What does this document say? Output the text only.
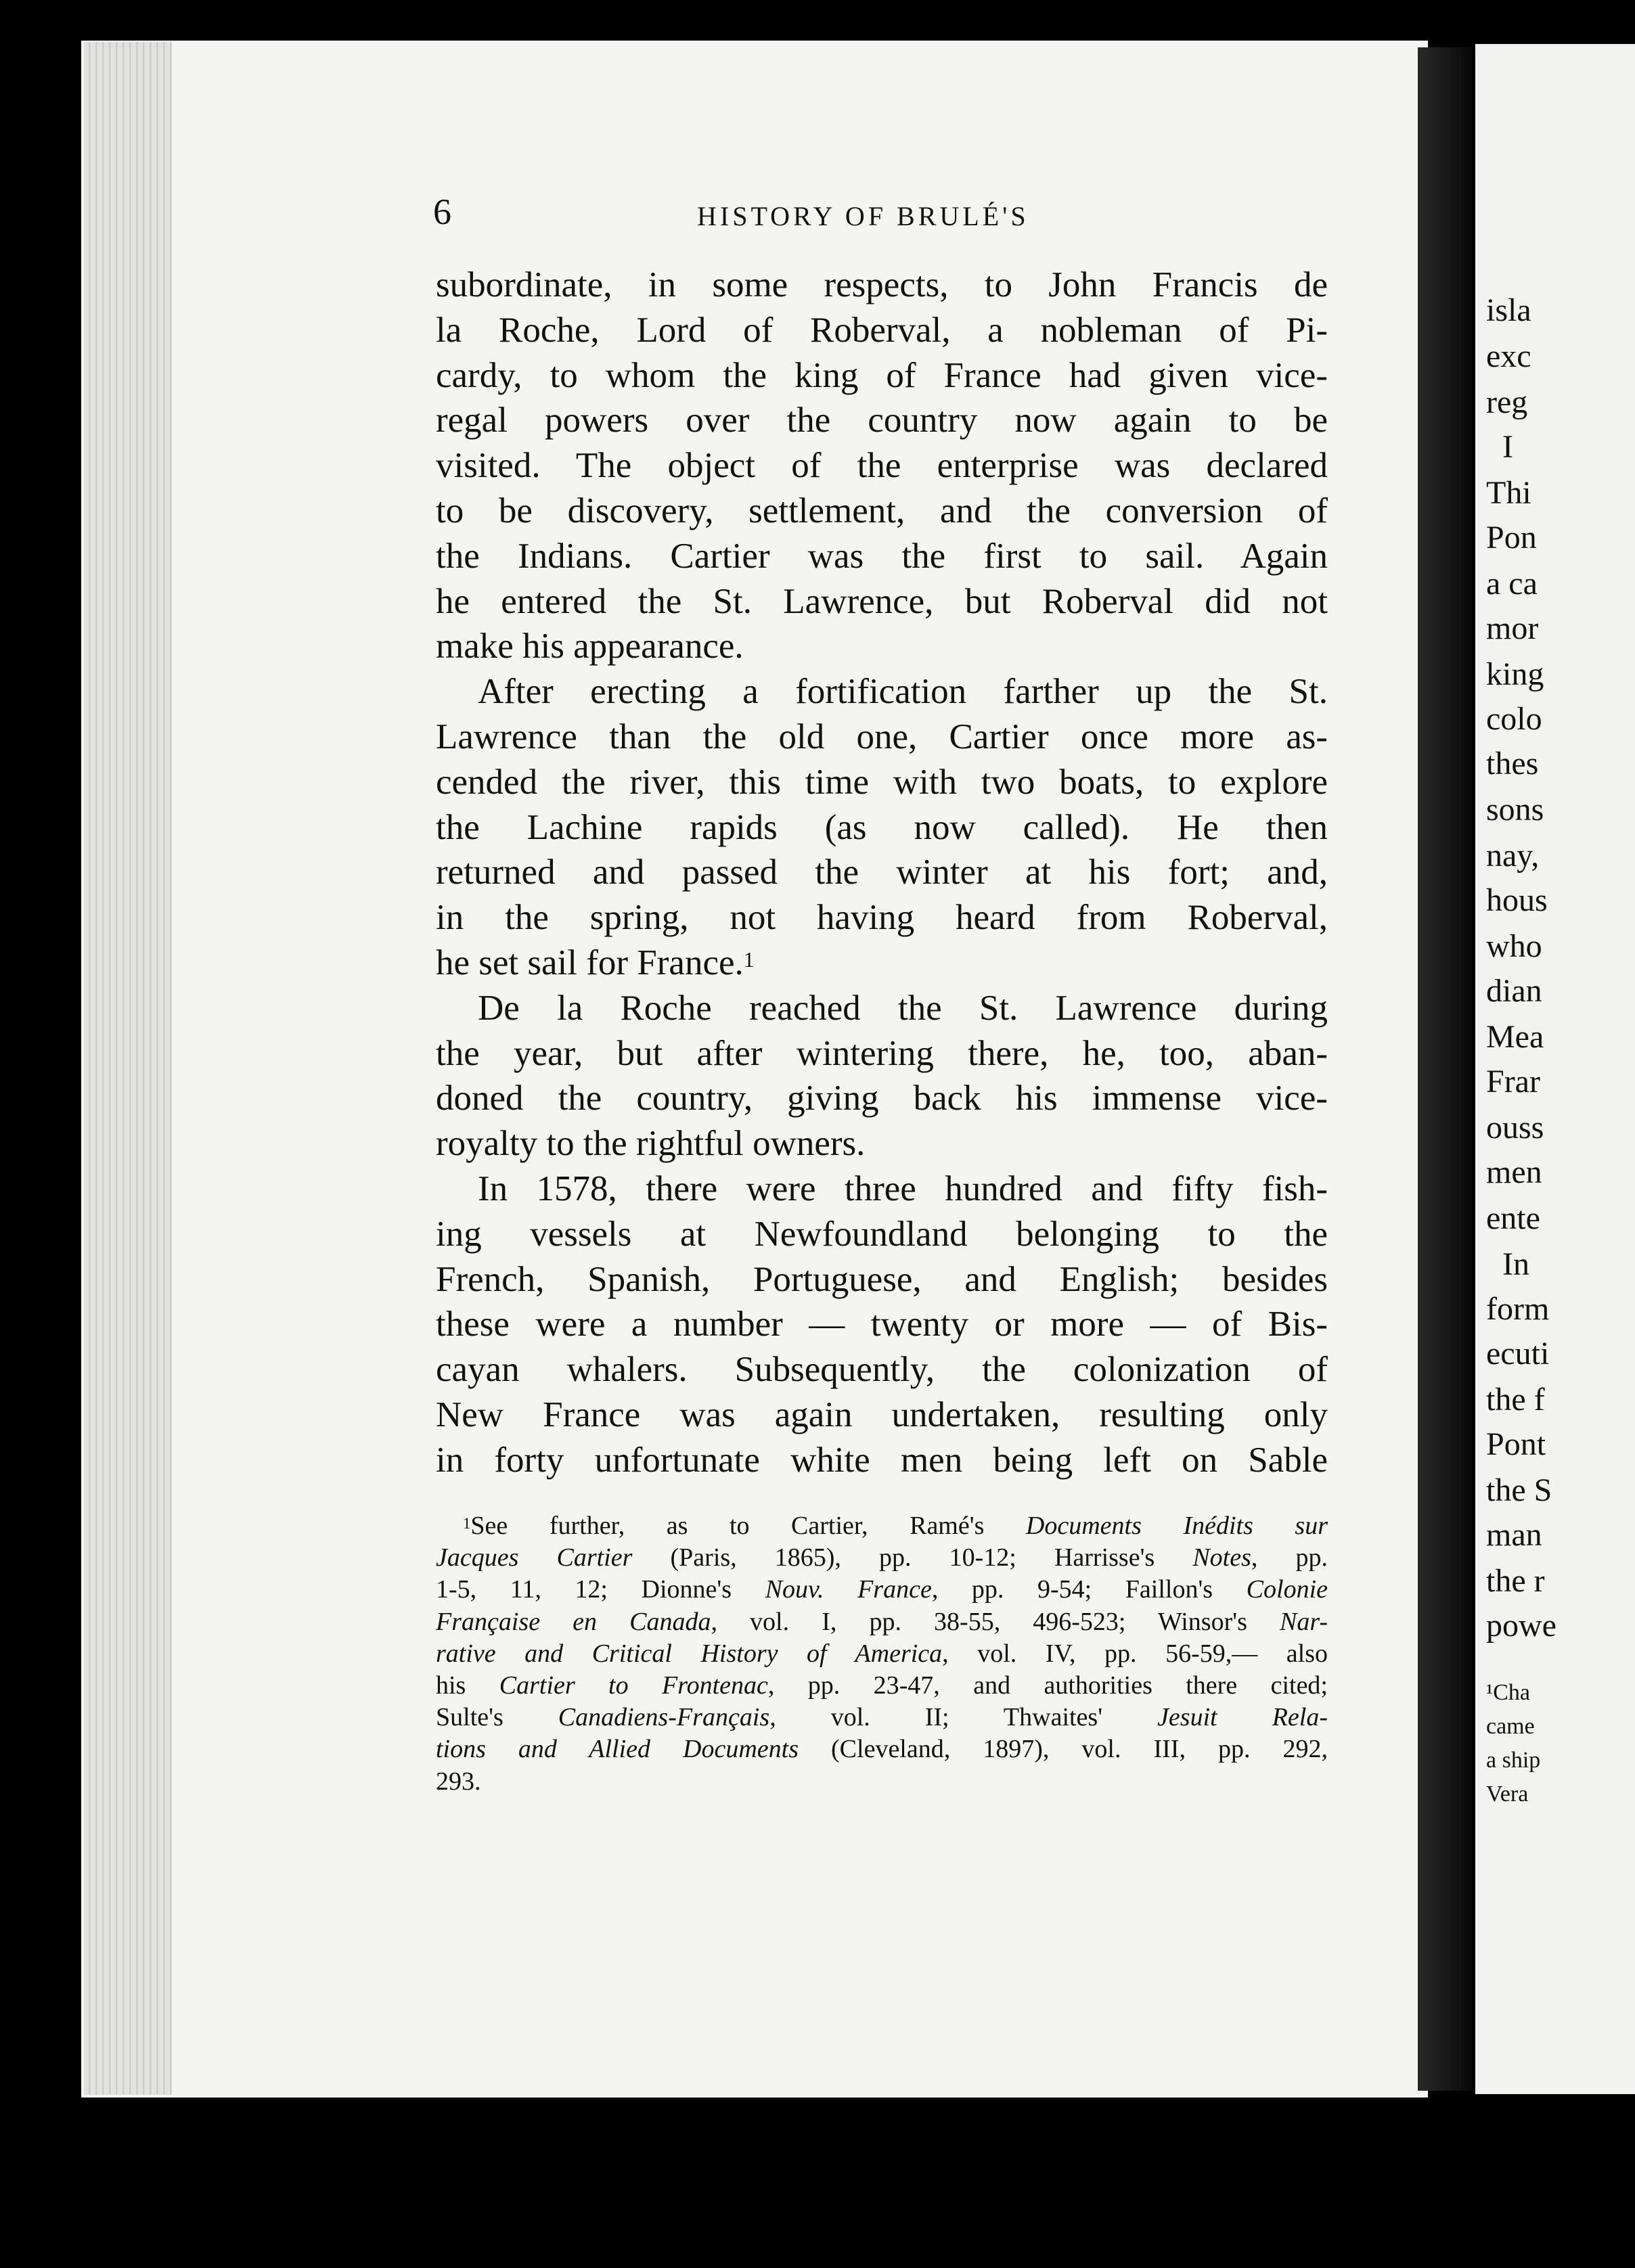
isla
exc
reg
I
Thi
Pon
a ca
mor
king
colo
thes
sons
nay,
hous
who
dian
Mea
Frar
ouss
men
ente
In
form
ecuti
the f
Pont
the S
man
the r
powe
¹Cha
came
a ship
Vera
6	HISTORY OF BRULÉ'S
subordinate, in some respects, to John Francis de
la Roche, Lord of Roberval, a nobleman of Pi-
cardy, to whom the king of France had given vice-
regal powers over the country now again to be
visited. The object of the enterprise was declared
to be discovery, settlement, and the conversion of
the Indians. Cartier was the first to sail. Again
he entered the St. Lawrence, but Roberval did not
make his appearance.
After erecting a fortification farther up the St.
Lawrence than the old one, Cartier once more as-
cended the river, this time with two boats, to explore
the Lachine rapids (as now called). He then
returned and passed the winter at his fort; and,
in the spring, not having heard from Roberval,
he set sail for France.$^1$
De la Roche reached the St. Lawrence during
the year, but after wintering there, he, too, aban-
doned the country, giving back his immense vice-
royalty to the rightful owners.
In 1578, there were three hundred and fifty fish-
ing vessels at Newfoundland belonging to the
French, Spanish, Portuguese, and English; besides
these were a number — twenty or more — of Bis-
cayan whalers. Subsequently, the colonization of
New France was again undertaken, resulting only
in forty unfortunate white men being left on Sable
$^1$See further, as to Cartier, Ramé's Documents Inédits sur
Jacques Cartier (Paris, 1865), pp. 10-12; Harrisse's Notes, pp.
1-5, 11, 12; Dionne's Nouv. France, pp. 9-54; Faillon's Colonie
Française en Canada, vol. I, pp. 38-55, 496-523; Winsor's Nar-
rative and Critical History of America, vol. IV, pp. 56-59,— also
his Cartier to Frontenac, pp. 23-47, and authorities there cited;
Sulte's Canadiens-Français, vol. II; Thwaites' Jesuit Rela-
tions and Allied Documents (Cleveland, 1897), vol. III, pp. 292,
293.
